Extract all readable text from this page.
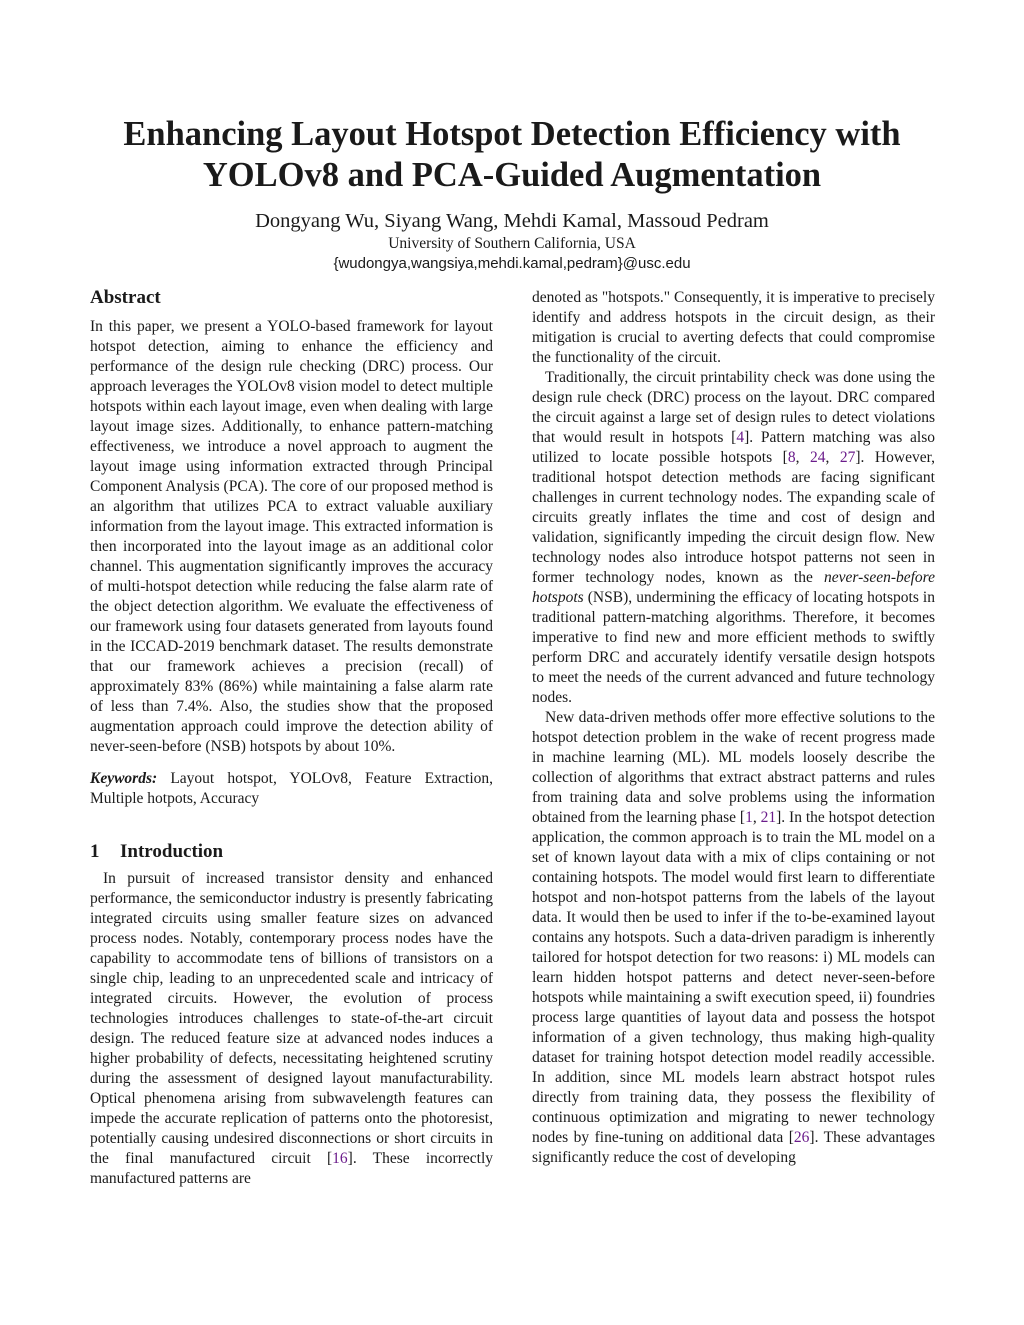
Enhancing Layout Hotspot Detection Efficiency with
YOLOv8 and PCA-Guided Augmentation
Dongyang Wu, Siyang Wang, Mehdi Kamal, Massoud Pedram
University of Southern California, USA
{wudongya,wangsiya,mehdi.kamal,pedram}@usc.edu
Abstract

In this paper, we present a YOLO-based framework for layout hotspot detection, aiming to enhance the efficiency and performance of the design rule checking (DRC) process. Our approach leverages the YOLOv8 vision model to detect multiple hotspots within each layout image, even when dealing with large layout image sizes. Additionally, to enhance pattern-matching effectiveness, we introduce a novel approach to augment the layout image using information extracted through Principal Component Analysis (PCA). The core of our proposed method is an algorithm that utilizes PCA to extract valuable auxiliary information from the layout image. This extracted information is then incorporated into the layout image as an additional color channel. This augmentation significantly improves the accuracy of multi-hotspot detection while reducing the false alarm rate of the object detection algorithm. We evaluate the effectiveness of our framework using four datasets generated from layouts found in the ICCAD-2019 benchmark dataset. The results demonstrate that our framework achieves a precision (recall) of approximately 83% (86%) while maintaining a false alarm rate of less than 7.4%. Also, the studies show that the proposed augmentation approach could improve the detection ability of never-seen-before (NSB) hotspots by about 10%.

Keywords: Layout hotspot, YOLOv8, Feature Extraction, Multiple hotpots, Accuracy

1 Introduction

In pursuit of increased transistor density and enhanced performance, the semiconductor industry is presently fabricating integrated circuits using smaller feature sizes on advanced process nodes. Notably, contemporary process nodes have the capability to accommodate tens of billions of transistors on a single chip, leading to an unprecedented scale and intricacy of integrated circuits. However, the evolution of process technologies introduces challenges to state-of-the-art circuit design. The reduced feature size at advanced nodes induces a higher probability of defects, necessitating heightened scrutiny during the assessment of designed layout manufacturability. Optical phenomena arising from subwavelength features can impede the accurate replication of patterns onto the photoresist, potentially causing undesired disconnections or short circuits in the final manufactured circuit [16]. These incorrectly manufactured patterns are

denoted as "hotspots." Consequently, it is imperative to precisely identify and address hotspots in the circuit design, as their mitigation is crucial to averting defects that could compromise the functionality of the circuit.

Traditionally, the circuit printability check was done using the design rule check (DRC) process on the layout. DRC compared the circuit against a large set of design rules to detect violations that would result in hotspots [4]. Pattern matching was also utilized to locate possible hotspots [8, 24, 27]. However, traditional hotspot detection methods are facing significant challenges in current technology nodes. The expanding scale of circuits greatly inflates the time and cost of design and validation, significantly impeding the circuit design flow. New technology nodes also introduce hotspot patterns not seen in former technology nodes, known as the never-seen-before hotspots (NSB), undermining the efficacy of locating hotspots in traditional pattern-matching algorithms. Therefore, it becomes imperative to find new and more efficient methods to swiftly perform DRC and accurately identify versatile design hotspots to meet the needs of the current advanced and future technology nodes.

New data-driven methods offer more effective solutions to the hotspot detection problem in the wake of recent progress made in machine learning (ML). ML models loosely describe the collection of algorithms that extract abstract patterns and rules from training data and solve problems using the information obtained from the learning phase [1, 21]. In the hotspot detection application, the common approach is to train the ML model on a set of known layout data with a mix of clips containing or not containing hotspots. The model would first learn to differentiate hotspot and non-hotspot patterns from the labels of the layout data. It would then be used to infer if the to-be-examined layout contains any hotspots. Such a data-driven paradigm is inherently tailored for hotspot detection for two reasons: i) ML models can learn hidden hotspot patterns and detect never-seen-before hotspots while maintaining a swift execution speed, ii) foundries process large quantities of layout data and possess the hotspot information of a given technology, thus making high-quality dataset for training hotspot detection model readily accessible. In addition, since ML models learn abstract hotspot rules directly from training data, they possess the flexibility of continuous optimization and migrating to newer technology nodes by fine-tuning on additional data [26]. These advantages significantly reduce the cost of developing
